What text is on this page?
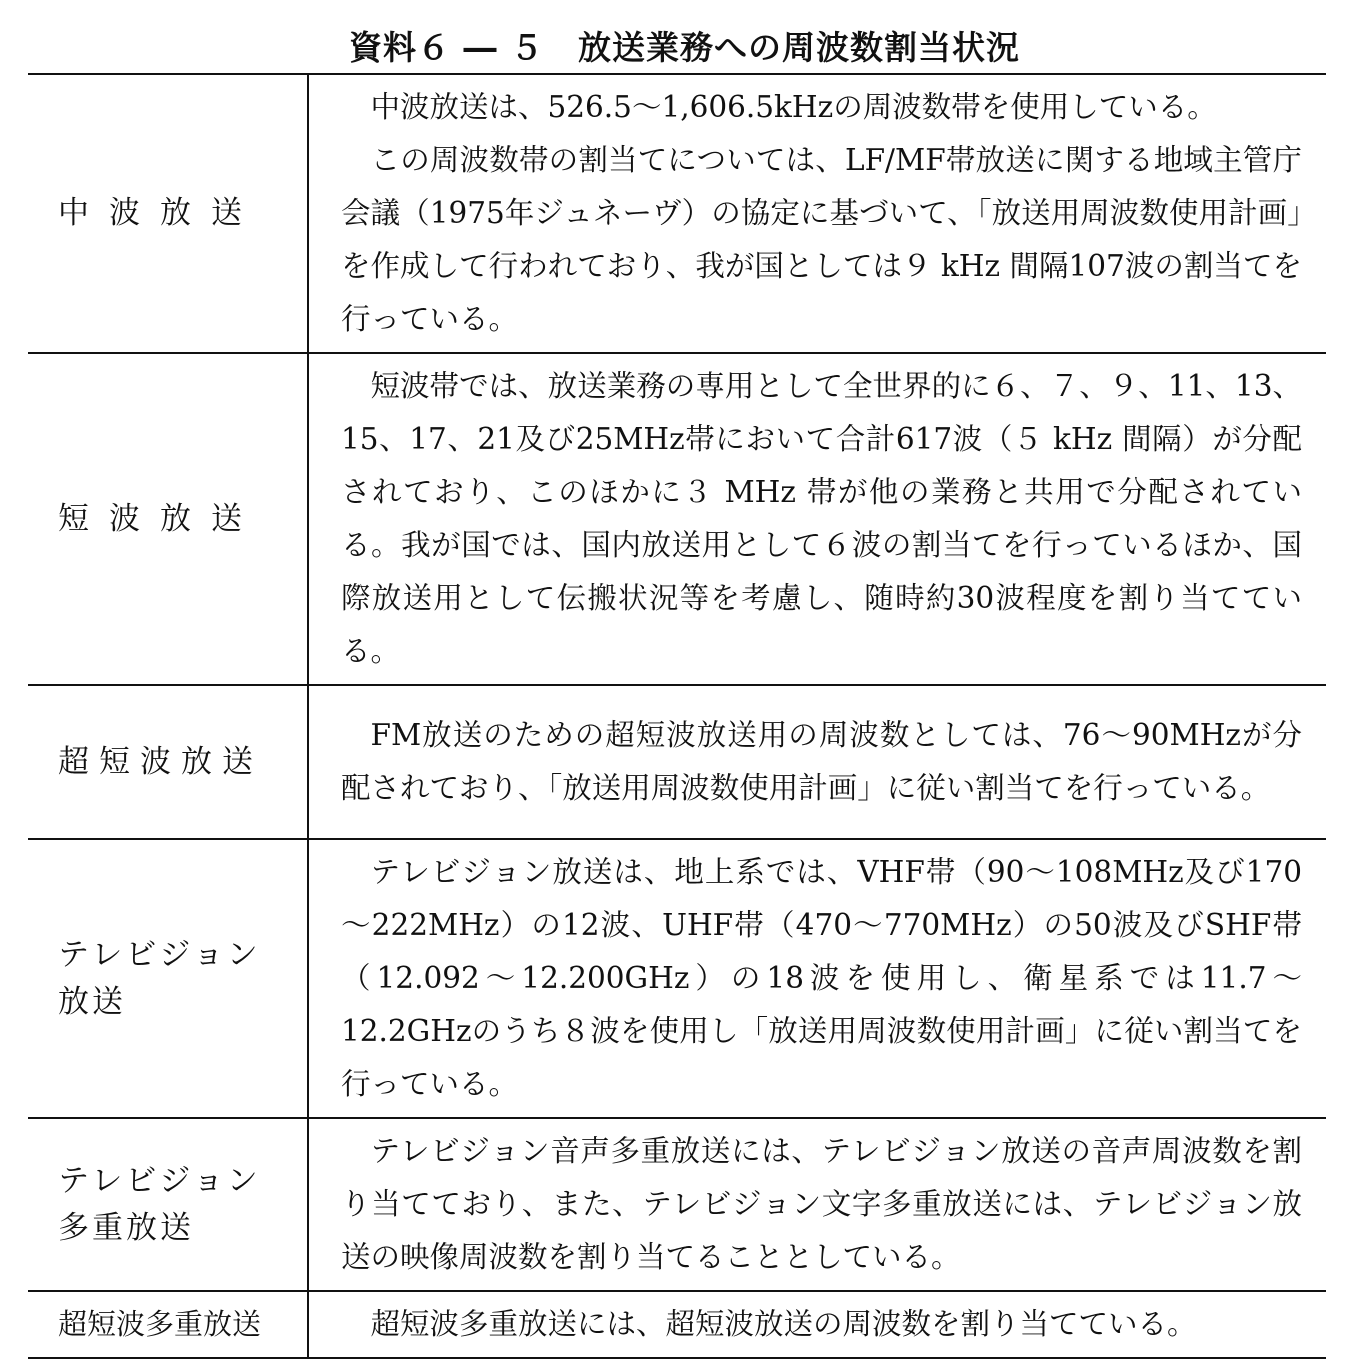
資料６ ― ５　放送業務への周波数割当状況
中波放送	中波放送は、526.5～1,606.5kHzの周波数帯を使用している。

この周波数帯の割当てについては、LF/MF帯放送に関する地域主管庁会議（1975年ジュネーヴ）の協定に基づいて、「放送用周波数使用計画」を作成して行われており、我が国としては９ kHz 間隔107波の割当てを行っている。

短波放送	短波帯では、放送業務の専用として全世界的に６、７、９、11、13、15、17、21及び25MHz帯において合計617波（５ kHz 間隔）が分配されており、このほかに３ MHz 帯が他の業務と共用で分配されている。我が国では、国内放送用として６波の割当てを行っているほか、国際放送用として伝搬状況等を考慮し、随時約30波程度を割り当てている。

超短波放送	FM放送のための超短波放送用の周波数としては、76～90MHzが分配されており、「放送用周波数使用計画」に従い割当てを行っている。

テレビジョン放送	テレビジョン放送は、地上系では、VHF帯（90～108MHz及び170～222MHz）の12波、UHF帯（470～770MHz）の50波及びSHF帯（12.092～12.200GHz）の18波を使用し、衛星系では11.7～12.2GHzのうち８波を使用し「放送用周波数使用計画」に従い割当てを行っている。

テレビジョン多重放送	テレビジョン音声多重放送には、テレビジョン放送の音声周波数を割り当てており、また、テレビジョン文字多重放送には、テレビジョン放送の映像周波数を割り当てることとしている。

超短波多重放送	超短波多重放送には、超短波放送の周波数を割り当てている。
